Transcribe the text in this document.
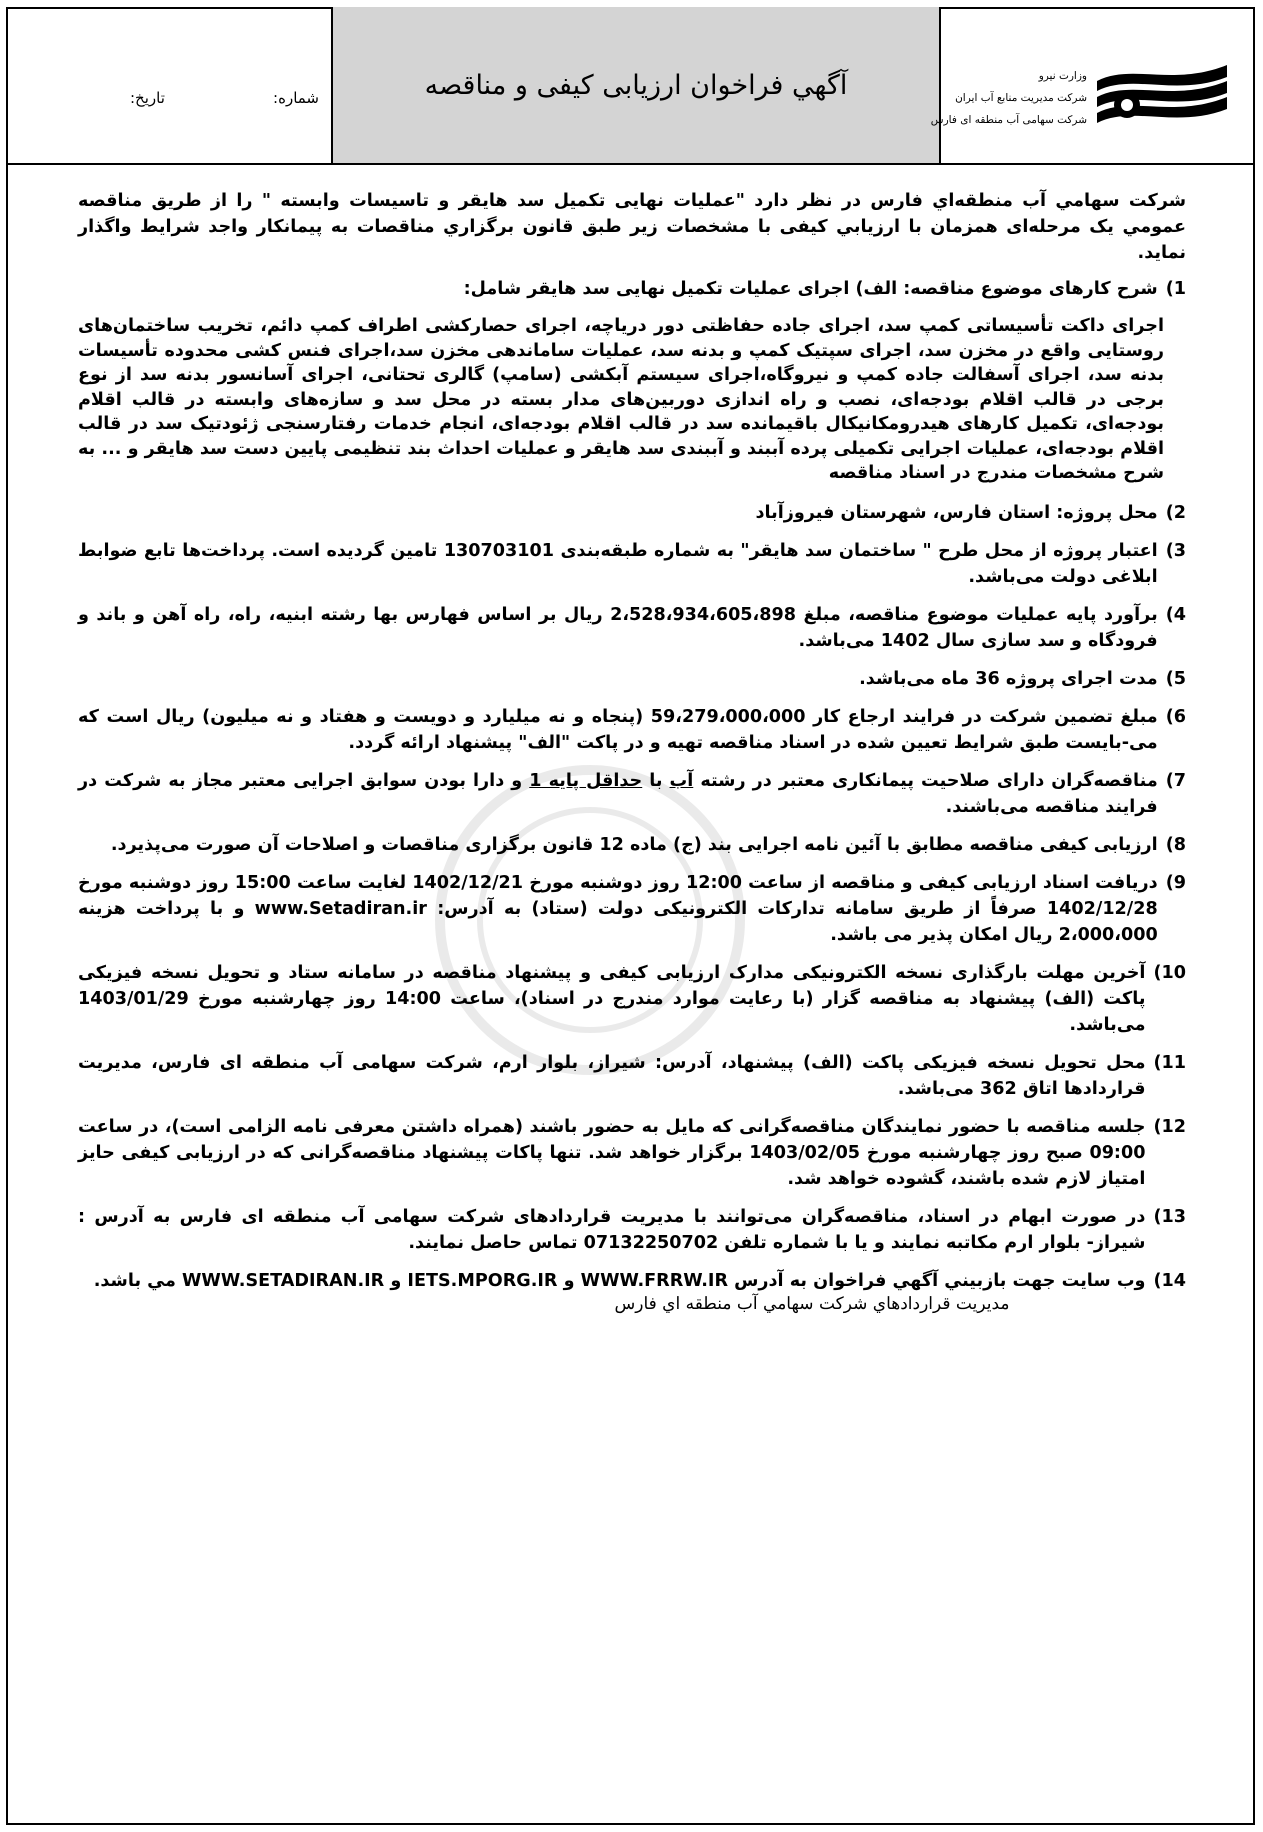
شماره:
تاریخ:	آگهي فراخوان ارزيابی کيفی و مناقصه	وزارت نیرو
شرکت مدیریت منابع آب ایران
شرکت سهامی آب منطقه ای فارس
شرکت سهامي آب منطقه‌اي فارس در نظر دارد "عملیات نهایی تکمیل سد هایقر و تاسیسات وابسته " را از طريق مناقصه عمومي يک مرحله‌ای همزمان با ارزيابي کيفی با مشخصات زير طبق قانون برگزاري مناقصات به پيمانکار واجد شرايط واگذار نمايد.
1)
شرح کارهای موضوع مناقصه: الف) اجرای عملیات تکمیل نهایی سد هایقر شامل:
اجرای داکت تأسیساتی کمپ سد، اجرای جاده حفاظتی دور دریاچه، اجرای حصارکشی اطراف کمپ دائم، تخریب ساختمان‌های روستایی واقع در مخزن سد، اجرای سپتیک کمپ و بدنه سد، عملیات ساماندهی مخزن سد،اجرای فنس کشی محدوده تأسیسات بدنه سد، اجرای آسفالت جاده کمپ و نیروگاه،اجرای سیستم آبکشی (سامپ) گالری تحتانی، اجرای آسانسور بدنه سد از نوع برجی در قالب اقلام بودجه‌ای، نصب و راه اندازی دوربین‌های مدار بسته در محل سد و سازه‌های وابسته در قالب اقلام بودجه‌ای، تکمیل کارهای هیدرومکانیکال باقیمانده سد در قالب اقلام بودجه‌ای، انجام خدمات رفتارسنجی ژئودتیک سد در قالب اقلام بودجه‌ای، عملیات اجرایی تکمیلی پرده آببند و آببندی سد هایقر و عملیات احداث بند تنظیمی پایین دست سد هایقر و ... به شرح مشخصات مندرج در اسناد مناقصه
2)
محل پروژه: استان فارس، شهرستان فيروزآباد
3)
اعتبار پروژه از محل طرح " ساختمان سد هایقر" به شماره طبقه‌بندی 130703101 تامين گرديده است. پرداخت‌ها تابع ضوابط ابلاغی دولت می‌باشد.
4)
برآورد پايه عمليات موضوع مناقصه، مبلغ 2،528،934،605،898 ريال بر اساس فهارس بها رشته ابنيه، راه، راه آهن و باند و فرودگاه و سد سازی سال 1402 می‌باشد.
5)
مدت اجرای پروژه 36 ماه می‌باشد.
6)
مبلغ تضمين شرکت در فرايند ارجاع کار 59،279،000،000 (پنجاه و نه میلیارد و دویست و هفتاد و نه میلیون) ريال است که می-بایست طبق شرايط تعيين شده در اسناد مناقصه تهيه و در پاکت "الف" پيشنهاد ارائه گردد.
7)
مناقصه‌گران دارای صلاحيت پيمانکاری معتبر در رشته آب با حداقل پایه 1 و دارا بودن سوابق اجرايی معتبر مجاز به شرکت در فرايند مناقصه می‌باشند.
8)
ارزيابی کيفی مناقصه مطابق با آئين نامه اجرايی بند (ج) ماده 12 قانون برگزاری مناقصات و اصلاحات آن صورت می‌پذيرد.
9)
دريافت اسناد ارزيابی کيفی و مناقصه از ساعت 12:00 روز دوشنبه مورخ 1402/12/21 لغایت ساعت 15:00 روز دوشنبه مورخ 1402/12/28 صرفاً از طريق سامانه تدارکات الکترونيکی دولت (ستاد) به آدرس: www.Setadiran.ir و با پرداخت هزينه 2،000،000 ريال امکان پذير می باشد.
10)
آخرين مهلت بارگذاری نسخه الکترونيکی مدارک ارزيابی کيفی و پيشنهاد مناقصه در سامانه ستاد و تحویل نسخه فيزيکی پاکت (الف) پيشنهاد به مناقصه گزار (با رعایت موارد مندرج در اسناد)، ساعت 14:00 روز چهارشنبه مورخ 1403/01/29 می‌باشد.
11)
محل تحويل نسخه فيزيکی پاکت (الف) پيشنهاد، آدرس: شیراز، بلوار ارم، شرکت سهامی آب منطقه ای فارس، مديريت قراردادها اتاق 362 می‌باشد.
12)
جلسه مناقصه با حضور نمايندگان مناقصه‌گرانی که مايل به حضور باشند (همراه داشتن معرفی نامه الزامی است)، در ساعت 09:00 صبح روز چهارشنبه مورخ 1403/02/05 برگزار خواهد شد. تنها پاکات پيشنهاد مناقصه‌گرانی که در ارزيابی کيفی حايز امتياز لازم شده باشند، گشوده خواهد شد.
13)
در صورت ابهام در اسناد، مناقصه‌گران می‌توانند با مديريت قراردادهای شرکت سهامی آب منطقه ای فارس به آدرس : شيراز- بلوار ارم مکاتبه نمايند و يا با شماره تلفن 07132250702 تماس حاصل نمايند.
14)
وب سايت جهت بازبيني آگهي فراخوان به آدرس WWW.FRRW.IR و IETS.MPORG.IR و WWW.SETADIRAN.IR مي باشد.
مديريت قراردادهاي شرکت سهامي آب منطقه اي فارس
